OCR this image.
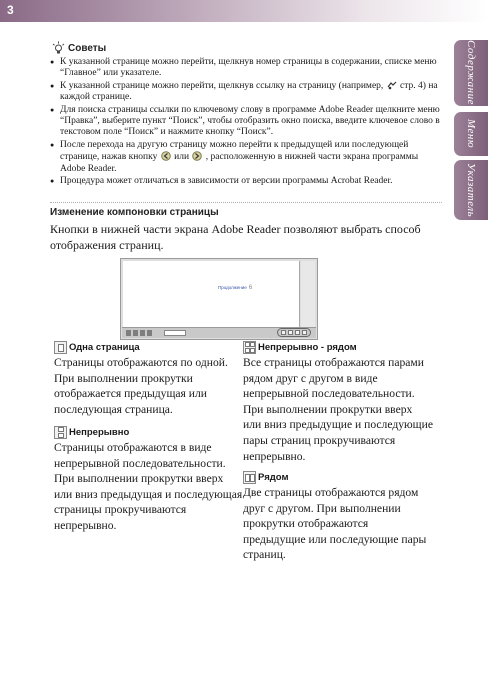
3
Содержание
Меню
Указатель
Советы
● К указанной странице можно перейти, щелкнув номер страницы в содержании, списке меню “Главное” или указателе.
● К указанной странице можно перейти, щелкнув ссылку на страницу (например, стр. 4) на каждой странице.
● Для поиска страницы ссылки по ключевому слову в программе Adobe Reader щелкните меню “Правка”, выберите пункт “Поиск”, чтобы отобразить окно поиска, введите ключевое слово в текстовом поле “Поиск” и нажмите кнопку “Поиск”.
● После перехода на другую страницу можно перейти к предыдущей или последующей странице, нажав кнопку или , расположенную в нижней части экрана программы Adobe Reader.
● Процедура может отличаться в зависимости от версии программы Acrobat Reader.
Изменение компоновки страницы

Кнопки в нижней части экрана Adobe Reader позволяют выбрать способ отображения страниц.

Продолжение 6
Одна страница

Страницы отображаются по одной. При выполнении прокрутки отображается предыдущая или последующая страница.

Непрерывно

Страницы отображаются в виде непрерывной последовательности. При выполнении прокрутки вверх или вниз предыдущая и последующая страницы прокручиваются непрерывно.

Непрерывно - рядом

Все страницы отображаются парами рядом друг с другом в виде непрерывной последовательности. При выполнении прокрутки вверх или вниз предыдущие и последующие пары страниц прокручиваются непрерывно.

Рядом

Две страницы отображаются рядом друг с другом. При выполнении прокрутки отображаются предыдущие или последующие пары страниц.
